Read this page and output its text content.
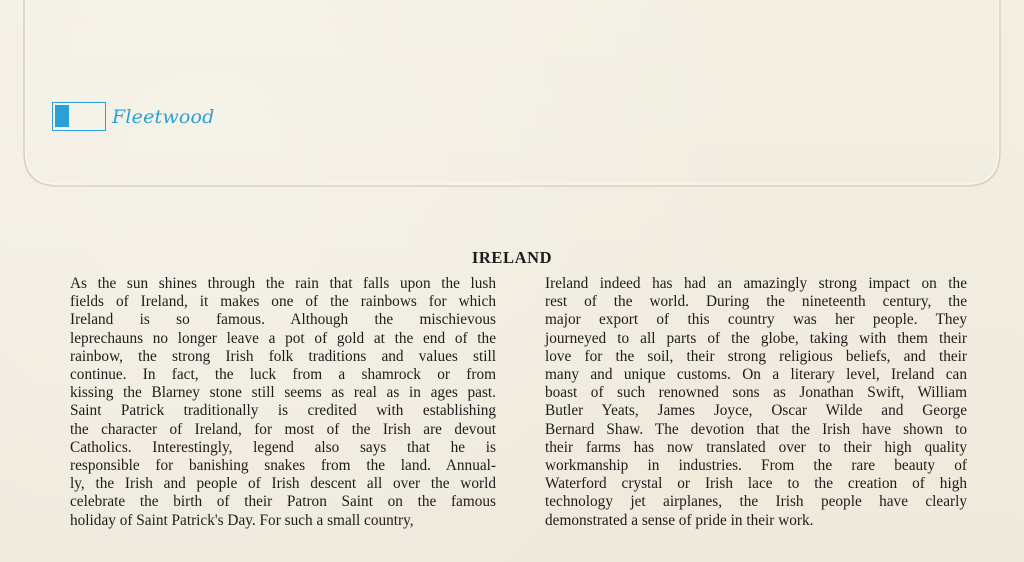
Fleetwood
IRELAND
As the sun shines through the rain that falls upon the lush
fields of Ireland, it makes one of the rainbows for which
Ireland is so famous. Although the mischievous
leprechauns no longer leave a pot of gold at the end of the
rainbow, the strong Irish folk traditions and values still
continue. In fact, the luck from a shamrock or from
kissing the Blarney stone still seems as real as in ages past.
Saint Patrick traditionally is credited with establishing
the character of Ireland, for most of the Irish are devout
Catholics. Interestingly, legend also says that he is
responsible for banishing snakes from the land. Annual-
ly, the Irish and people of Irish descent all over the world
celebrate the birth of their Patron Saint on the famous
holiday of Saint Patrick's Day. For such a small country,
Ireland indeed has had an amazingly strong impact on the
rest of the world. During the nineteenth century, the
major export of this country was her people. They
journeyed to all parts of the globe, taking with them their
love for the soil, their strong religious beliefs, and their
many and unique customs. On a literary level, Ireland can
boast of such renowned sons as Jonathan Swift, William
Butler Yeats, James Joyce, Oscar Wilde and George
Bernard Shaw. The devotion that the Irish have shown to
their farms has now translated over to their high quality
workmanship in industries. From the rare beauty of
Waterford crystal or Irish lace to the creation of high
technology jet airplanes, the Irish people have clearly
demonstrated a sense of pride in their work.
